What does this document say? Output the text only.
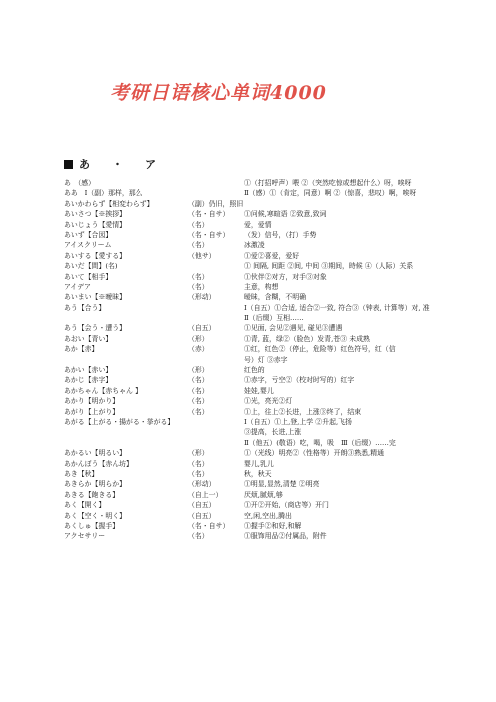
考研日语核心单词4000
あ ・ ア
あ　（感）	①（打招呼声）喂 ②（突然吃惊或想起什么）呀，唉呀
ああ　Ⅰ（副）那样，那么	Ⅱ（感）①（肯定，同意）啊 ②（惊喜，悲叹）啊，唉呀
あいかわらず【相変わらず】	（副）仍旧，照旧
あいさつ【※挨拶】	（名・自サ） ①问候,寒暄语 ②致意,致词
あいじょう【愛情】	（名）	爱，爱情
あいず【合図】	（名・自サ） （发）信号，（打）手势
アイスクリーム	（名）	冰激凌
あいする【愛する】	（他サ）	①爱②喜爱，爱好
あいだ【間】(名)	① 间隔, 间距 ②间, 中间 ③期间，時候 ④（人际）关系
あいて【相手】	（名）	①伙伴②对方，对手③对象
アイデア	（名）	主意，构想
あいまい【※曖昧】	（形动）	暧昧，含糊，不明确
あう【合う】	Ⅰ（自五）①合适, 适合②一致, 符合③（钟表, 计算等）对, 准
Ⅱ（后缀）互相……
あう【会う・遭う】	（自五）	①见面, 会见②遇见, 碰见③遭遇
あおい【青い】	（形）	①青, 蓝，绿②（脸色）发青,苍③ 未成熟
あか【赤】	（赤）	①红，红色②（停止，危险等）红色符号，红（信
号）灯 ③赤字
あかい【赤い】	（形）	红色的
あかじ【赤字】	（名）	①赤字，亏空②（校对时写的）红字
あかちゃん【赤ちゃん 】	（名）	娃娃,婴儿
あかり【明かり】	（名）	①光，亮光②灯
あがり【上がり】	（名）	①上，往上②长进，上涨③终了，结束
あがる【上がる・揚がる・挙がる】	Ⅰ（自五）①上,登,上学 ②升起,飞扬
③提高，长进,上涨
Ⅱ（他五）(敬语）吃，喝，吸　Ⅲ（后缀）……完
あかるい【明るい】	（形）	①（光线）明亮②（性格等）开朗③熟悉,精通
あかんぼう【赤ん坊】	（名）	婴儿,乳儿
あき【秋】	（名）	秋，秋天
あきらか【明らか】	（形动）	①明显,显然,清楚 ②明亮
あきる【飽きる】	（自上一）	厌烦,腻烦,够
あく【開く】	（自五）	①开②开始,（商店等）开门
あく【空く・明く】	（自五）	空,闲,空出,腾出
あくしゅ【握手】	（名・自サ） ①握手②和好,和解
アクセサリー	（名）	①服饰用品②付属品，附件
